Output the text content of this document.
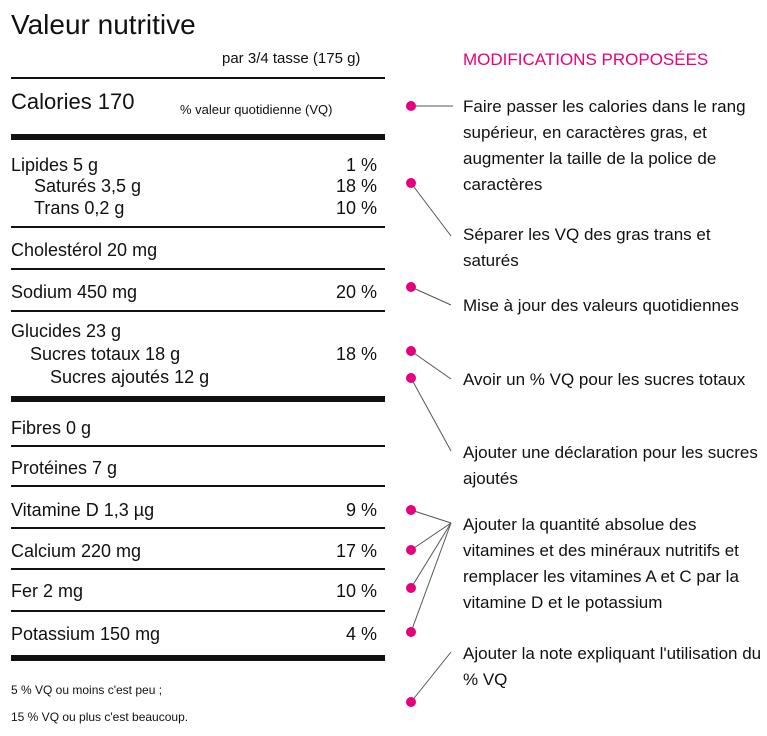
Valeur nutritive
par 3/4 tasse (175 g)
Calories 170	% valeur quotidienne (VQ)
Lipides 5 g	1 %
Saturés 3,5 g	18 %
Trans 0,2 g	10 %
Cholestérol 20 mg
Sodium 450 mg	20 %
Glucides 23 g
Sucres totaux 18 g	18 %
Sucres ajoutés 12 g
Fibres 0 g
Protéines 7 g
Vitamine D 1,3 µg	9 %
Calcium 220 mg	17 %
Fer 2 mg	10 %
Potassium 150 mg	4 %
5 % VQ ou moins c'est peu ;
15 % VQ ou plus c'est beaucoup.
MODIFICATIONS PROPOSÉES
Faire passer les calories dans le rang supérieur, en caractères gras, et augmenter la taille de la police de caractères
Séparer les VQ des gras trans et saturés
Mise à jour des valeurs quotidiennes
Avoir un % VQ pour les sucres totaux
Ajouter une déclaration pour les sucres ajoutés
Ajouter la quantité absolue des vitamines et des minéraux nutritifs et remplacer les vitamines A et C par la vitamine D et le potassium
Ajouter la note expliquant l'utilisation du % VQ
